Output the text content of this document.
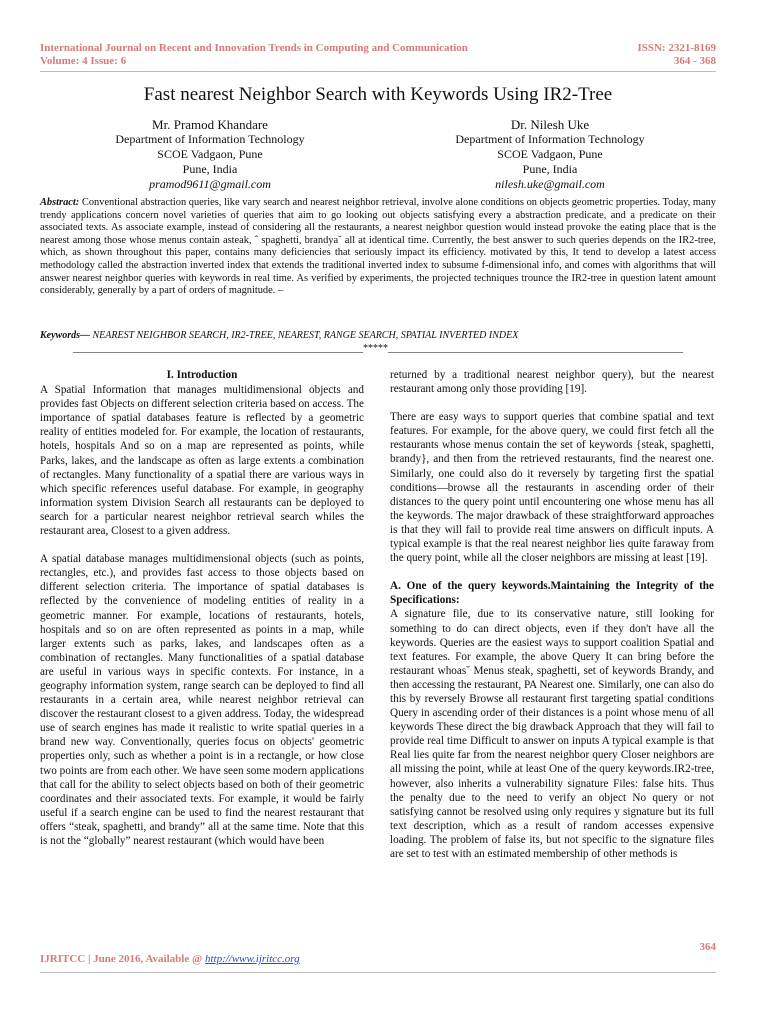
International Journal on Recent and Innovation Trends in Computing and Communication
Volume: 4 Issue: 6
ISSN: 2321-8169
364 - 368
Fast nearest Neighbor Search with Keywords Using IR2-Tree
Mr. Pramod Khandare
Department of Information Technology
SCOE Vadgaon, Pune
Pune, India
pramod9611@gmail.com
Dr. Nilesh Uke
Department of Information Technology
SCOE Vadgaon, Pune
Pune, India
nilesh.uke@gmail.com
Abstract: Conventional abstraction queries, like vary search and nearest neighbor retrieval, involve alone conditions on objects geometric properties. Today, many trendy applications concern novel varieties of queries that aim to go looking out objects satisfying every a abstraction predicate, and a predicate on their associated texts. As associate example, instead of considering all the restaurants, a nearest neighbor question would instead provoke the eating place that is the nearest among those whose menus contain asteak, ˆ spaghetti, brandya˘ all at identical time. Currently, the best answer to such queries depends on the IR2-tree, which, as shown throughout this paper, contains many deficiencies that seriously impact its efficiency. motivated by this, It tend to develop a latest access methodology called the abstraction inverted index that extends the traditional inverted index to subsume f-dimensional info, and comes with algorithms that will answer nearest neighbor queries with keywords in real time. As verified by experiments, the projected techniques trounce the IR2-tree in question latent amount considerably, generally by a part of orders of magnitude. –
Keywords— NEAREST NEIGHBOR SEARCH, IR2-TREE, NEAREST, RANGE SEARCH, SPATIAL INVERTED INDEX
__________________________________________________________*****___________________________________________________________
I. Introduction

A Spatial Information that manages multidimensional objects and provides fast Objects on different selection criteria based on access. The importance of spatial databases feature is reflected by a geometric reality of entities modeled for. For example, the location of restaurants, hotels, hospitals And so on a map are represented as points, while Parks, lakes, and the landscape as often as large extents a combination of rectangles. Many functionality of a spatial there are various ways in which specific references useful database. For example, in geography information system Division Search all restaurants can be deployed to search for a particular nearest neighbor retrieval search whiles the restaurant area, Closest to a given address.

A spatial database manages multidimensional objects (such as points, rectangles, etc.), and provides fast access to those objects based on different selection criteria. The importance of spatial databases is reflected by the convenience of modeling entities of reality in a geometric manner. For example, locations of restaurants, hotels, hospitals and so on are often represented as points in a map, while larger extents such as parks, lakes, and landscapes often as a combination of rectangles. Many functionalities of a spatial database are useful in various ways in specific contexts. For instance, in a geography information system, range search can be deployed to find all restaurants in a certain area, while nearest neighbor retrieval can discover the restaurant closest to a given address. Today, the widespread use of search engines has made it realistic to write spatial queries in a brand new way. Conventionally, queries focus on objects' geometric properties only, such as whether a point is in a rectangle, or how close two points are from each other. We have seen some modern applications that call for the ability to select objects based on both of their geometric coordinates and their associated texts. For example, it would be fairly useful if a search engine can be used to find the nearest restaurant that offers “steak, spaghetti, and brandy” all at the same time. Note that this is not the “globally” nearest restaurant (which would have been

returned by a traditional nearest neighbor query), but the nearest restaurant among only those providing [19].

There are easy ways to support queries that combine spatial and text features. For example, for the above query, we could first fetch all the restaurants whose menus contain the set of keywords {steak, spaghetti, brandy}, and then from the retrieved restaurants, find the nearest one. Similarly, one could also do it reversely by targeting first the spatial conditions—browse all the restaurants in ascending order of their distances to the query point until encountering one whose menu has all the keywords. The major drawback of these straightforward approaches is that they will fail to provide real time answers on difficult inputs. A typical example is that the real nearest neighbor lies quite faraway from the query point, while all the closer neighbors are missing at least [19].

A. One of the query keywords.Maintaining the Integrity of the Specifications:

A signature file, due to its conservative nature, still looking for something to do can direct objects, even if they don't have all the keywords. Queries are the easiest ways to support coalition Spatial and text features. For example, the above Query It can bring before the restaurant whoas˘ Menus steak, spaghetti, set of keywords Brandy, and then accessing the restaurant, PA Nearest one. Similarly, one can also do this by reversely Browse all restaurant first targeting spatial conditions Query in ascending order of their distances is a point whose menu of all keywords These direct the big drawback Approach that they will fail to provide real time Difficult to answer on inputs A typical example is that Real lies quite far from the nearest neighbor query Closer neighbors are all missing the point, while at least One of the query keywords.IR2-tree, however, also inherits a vulnerability signature Files: false hits. Thus the penalty due to the need to verify an object No query or not satisfying cannot be resolved using only requires y signature but its full text description, which as a result of random accesses expensive loading. The problem of false its, but not specific to the signature files are set to test with an estimated membership of other methods is

364
IJRITCC | June 2016, Available @ http://www.ijritcc.org
